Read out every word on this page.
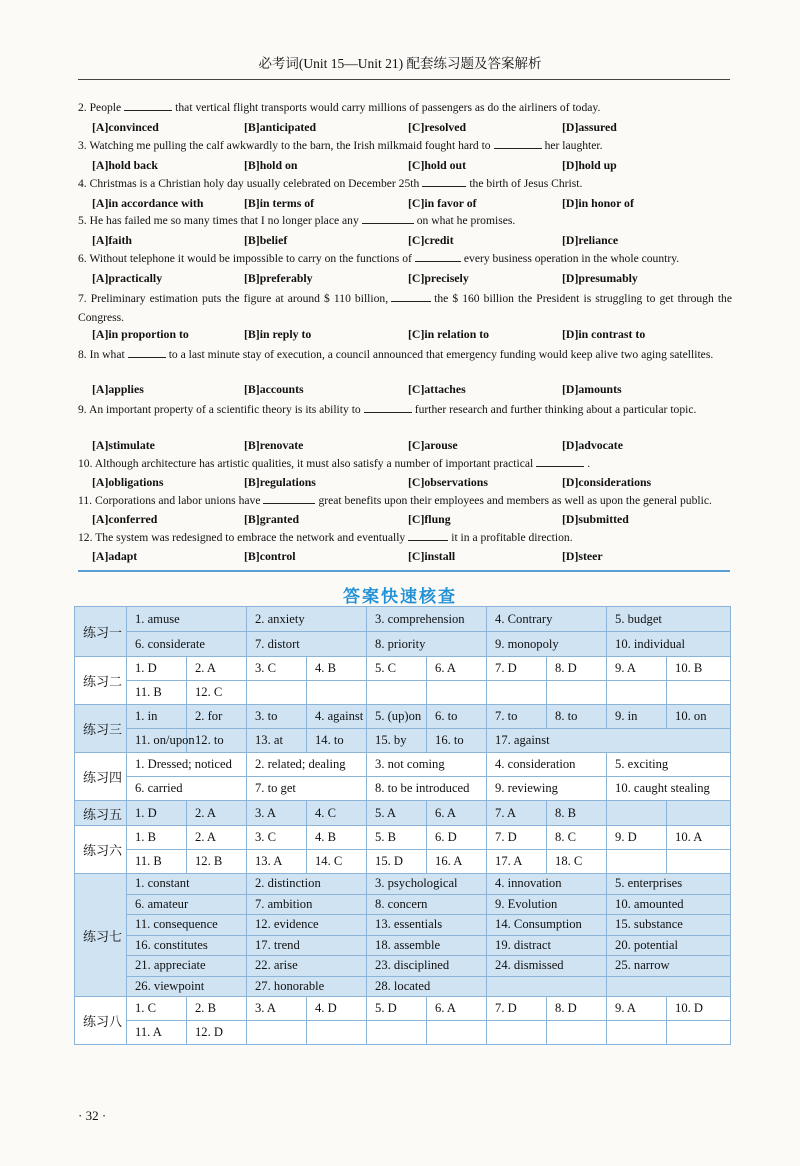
必考词(Unit 15—Unit 21) 配套练习题及答案解析
2. People	that vertical flight transports would carry millions of passengers as do the airliners of today.
[A]convinced	[B]anticipated	[C]resolved	[D]assured
3. Watching me pulling the calf awkwardly to the barn, the Irish milkmaid fought hard to	her laughter.
[A]hold back	[B]hold on	[C]hold out	[D]hold up
4. Christmas is a Christian holy day usually celebrated on December 25th	the birth of Jesus Christ.
[A]in accordance with	[B]in terms of	[C]in favor of	[D]in honor of
5. He has failed me so many times that I no longer place any	on what he promises.
[A]faith	[B]belief	[C]credit	[D]reliance
6. Without telephone it would be impossible to carry on the functions of	every business operation in the whole country.
[A]practically	[B]preferably	[C]precisely	[D]presumably
7. Preliminary estimation puts the figure at around $ 110 billion,	the $ 160 billion the President is struggling to get through the Congress.
[A]in proportion to	[B]in reply to	[C]in relation to	[D]in contrast to
8. In what	to a last minute stay of execution, a council announced that emergency funding would keep alive two aging satellites.
[A]applies	[B]accounts	[C]attaches	[D]amounts
9. An important property of a scientific theory is its ability to	further research and further thinking about a particular topic.
[A]stimulate	[B]renovate	[C]arouse	[D]advocate
10. Although architecture has artistic qualities, it must also satisfy a number of important practical	.
[A]obligations	[B]regulations	[C]observations	[D]considerations
11. Corporations and labor unions have	great benefits upon their employees and members as well as upon the general public.
[A]conferred	[B]granted	[C]flung	[D]submitted
12. The system was redesigned to embrace the network and eventually	it in a profitable direction.
[A]adapt	[B]control	[C]install	[D]steer
答案快速核查
练习一	1. amuse		2. anxiety		3. comprehension		4. Contrary		5. budget	
	6. considerate		7. distort		8. priority		9. monopoly		10. individual	
练习二	1. D	2. A	3. C	4. B	5. C	6. A	7. D	8. D	9. A	10. B
	11. B	12. C								
练习三	1. in	2. for	3. to	4. against	5. (up)on	6. to	7. to	8. to	9. in	10. on
	11. on/upon	12. to	13. at	14. to	15. by	16. to	17. against			
练习四	1. Dressed; noticed		2. related; dealing		3. not coming		4. consideration		5. exciting	
	6. carried		7. to get		8. to be introduced		9. reviewing		10. caught stealing	
练习五	1. D	2. A	3. A	4. C	5. A	6. A	7. A	8. B		
练习六	1. B	2. A	3. C	4. B	5. B	6. D	7. D	8. C	9. D	10. A
	11. B	12. B	13. A	14. C	15. D	16. A	17. A	18. C		
练习七	1. constant		2. distinction		3. psychological		4. innovation		5. enterprises	
	6. amateur		7. ambition		8. concern		9. Evolution		10. amounted	
	11. consequence		12. evidence		13. essentials		14. Consumption		15. substance	
	16. constitutes		17. trend		18. assemble		19. distract		20. potential	
	21. appreciate		22. arise		23. disciplined		24. dismissed		25. narrow	
	26. viewpoint		27. honorable		28. located					
练习八	1. C	2. B	3. A	4. D	5. D	6. A	7. D	8. D	9. A	10. D
	11. A	12. D								
· 32 ·
